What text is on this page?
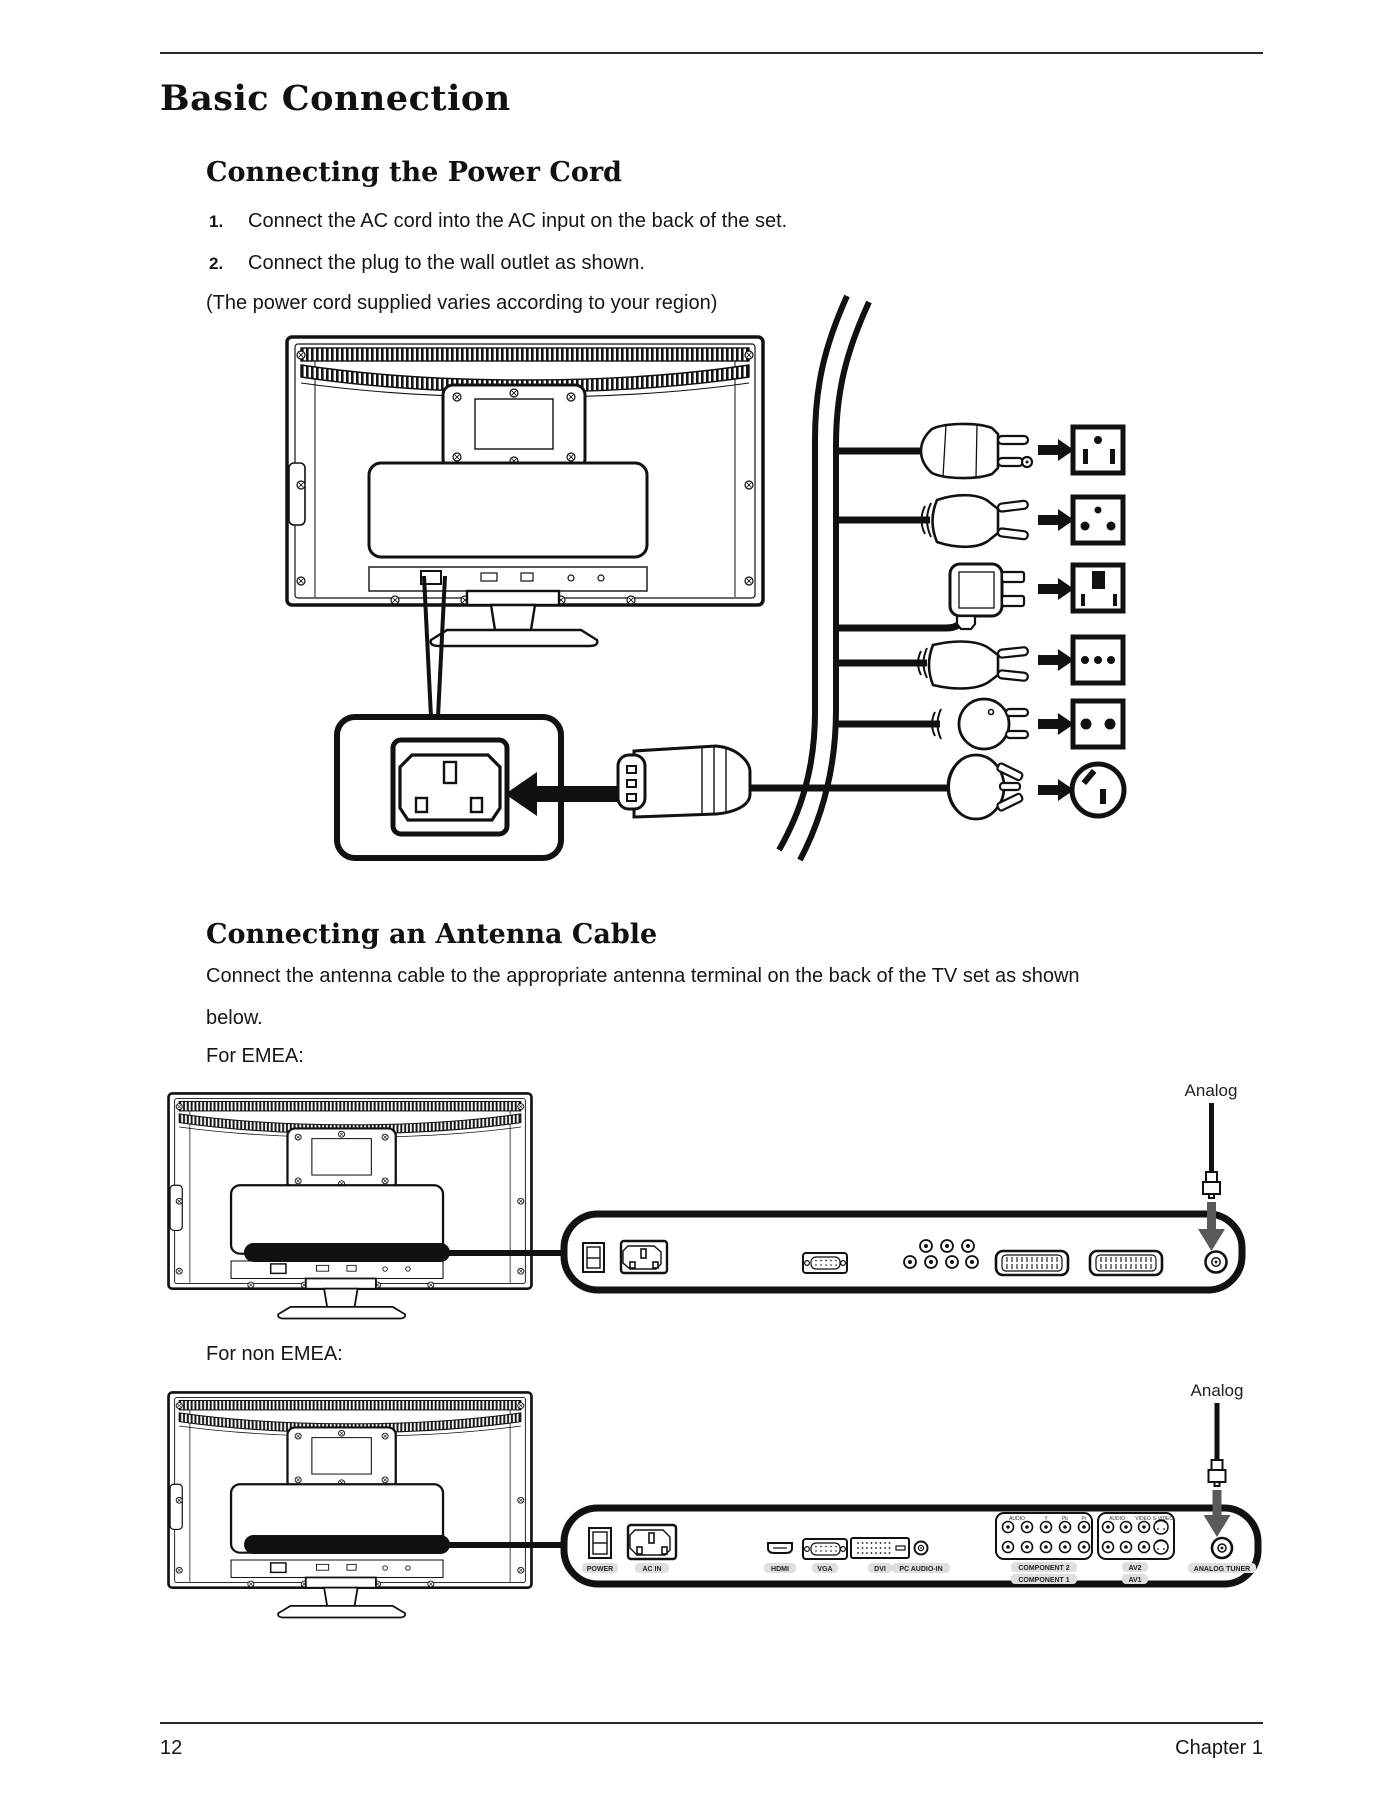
Basic Connection
Connecting the Power Cord
1. Connect the AC cord into the AC input on the back of the set.
2. Connect the plug to the wall outlet as shown.
(The power cord supplied varies according to your region)
Connecting an Antenna Cable
Connect the antenna cable to the appropriate antenna terminal on the back of the TV set as shown
below.
For EMEA:
For non EMEA:
12	Chapter 1
Analog
AUDIO	Y	Pb	Pr	AUDIO VIDEO S-VIDEO
POWER	AC IN	HDMI	VGA	DVI PC AUDIO-IN	COMPONENT 2
COMPONENT 1
AV2
AV1
ANALOG TUNER
Analog
